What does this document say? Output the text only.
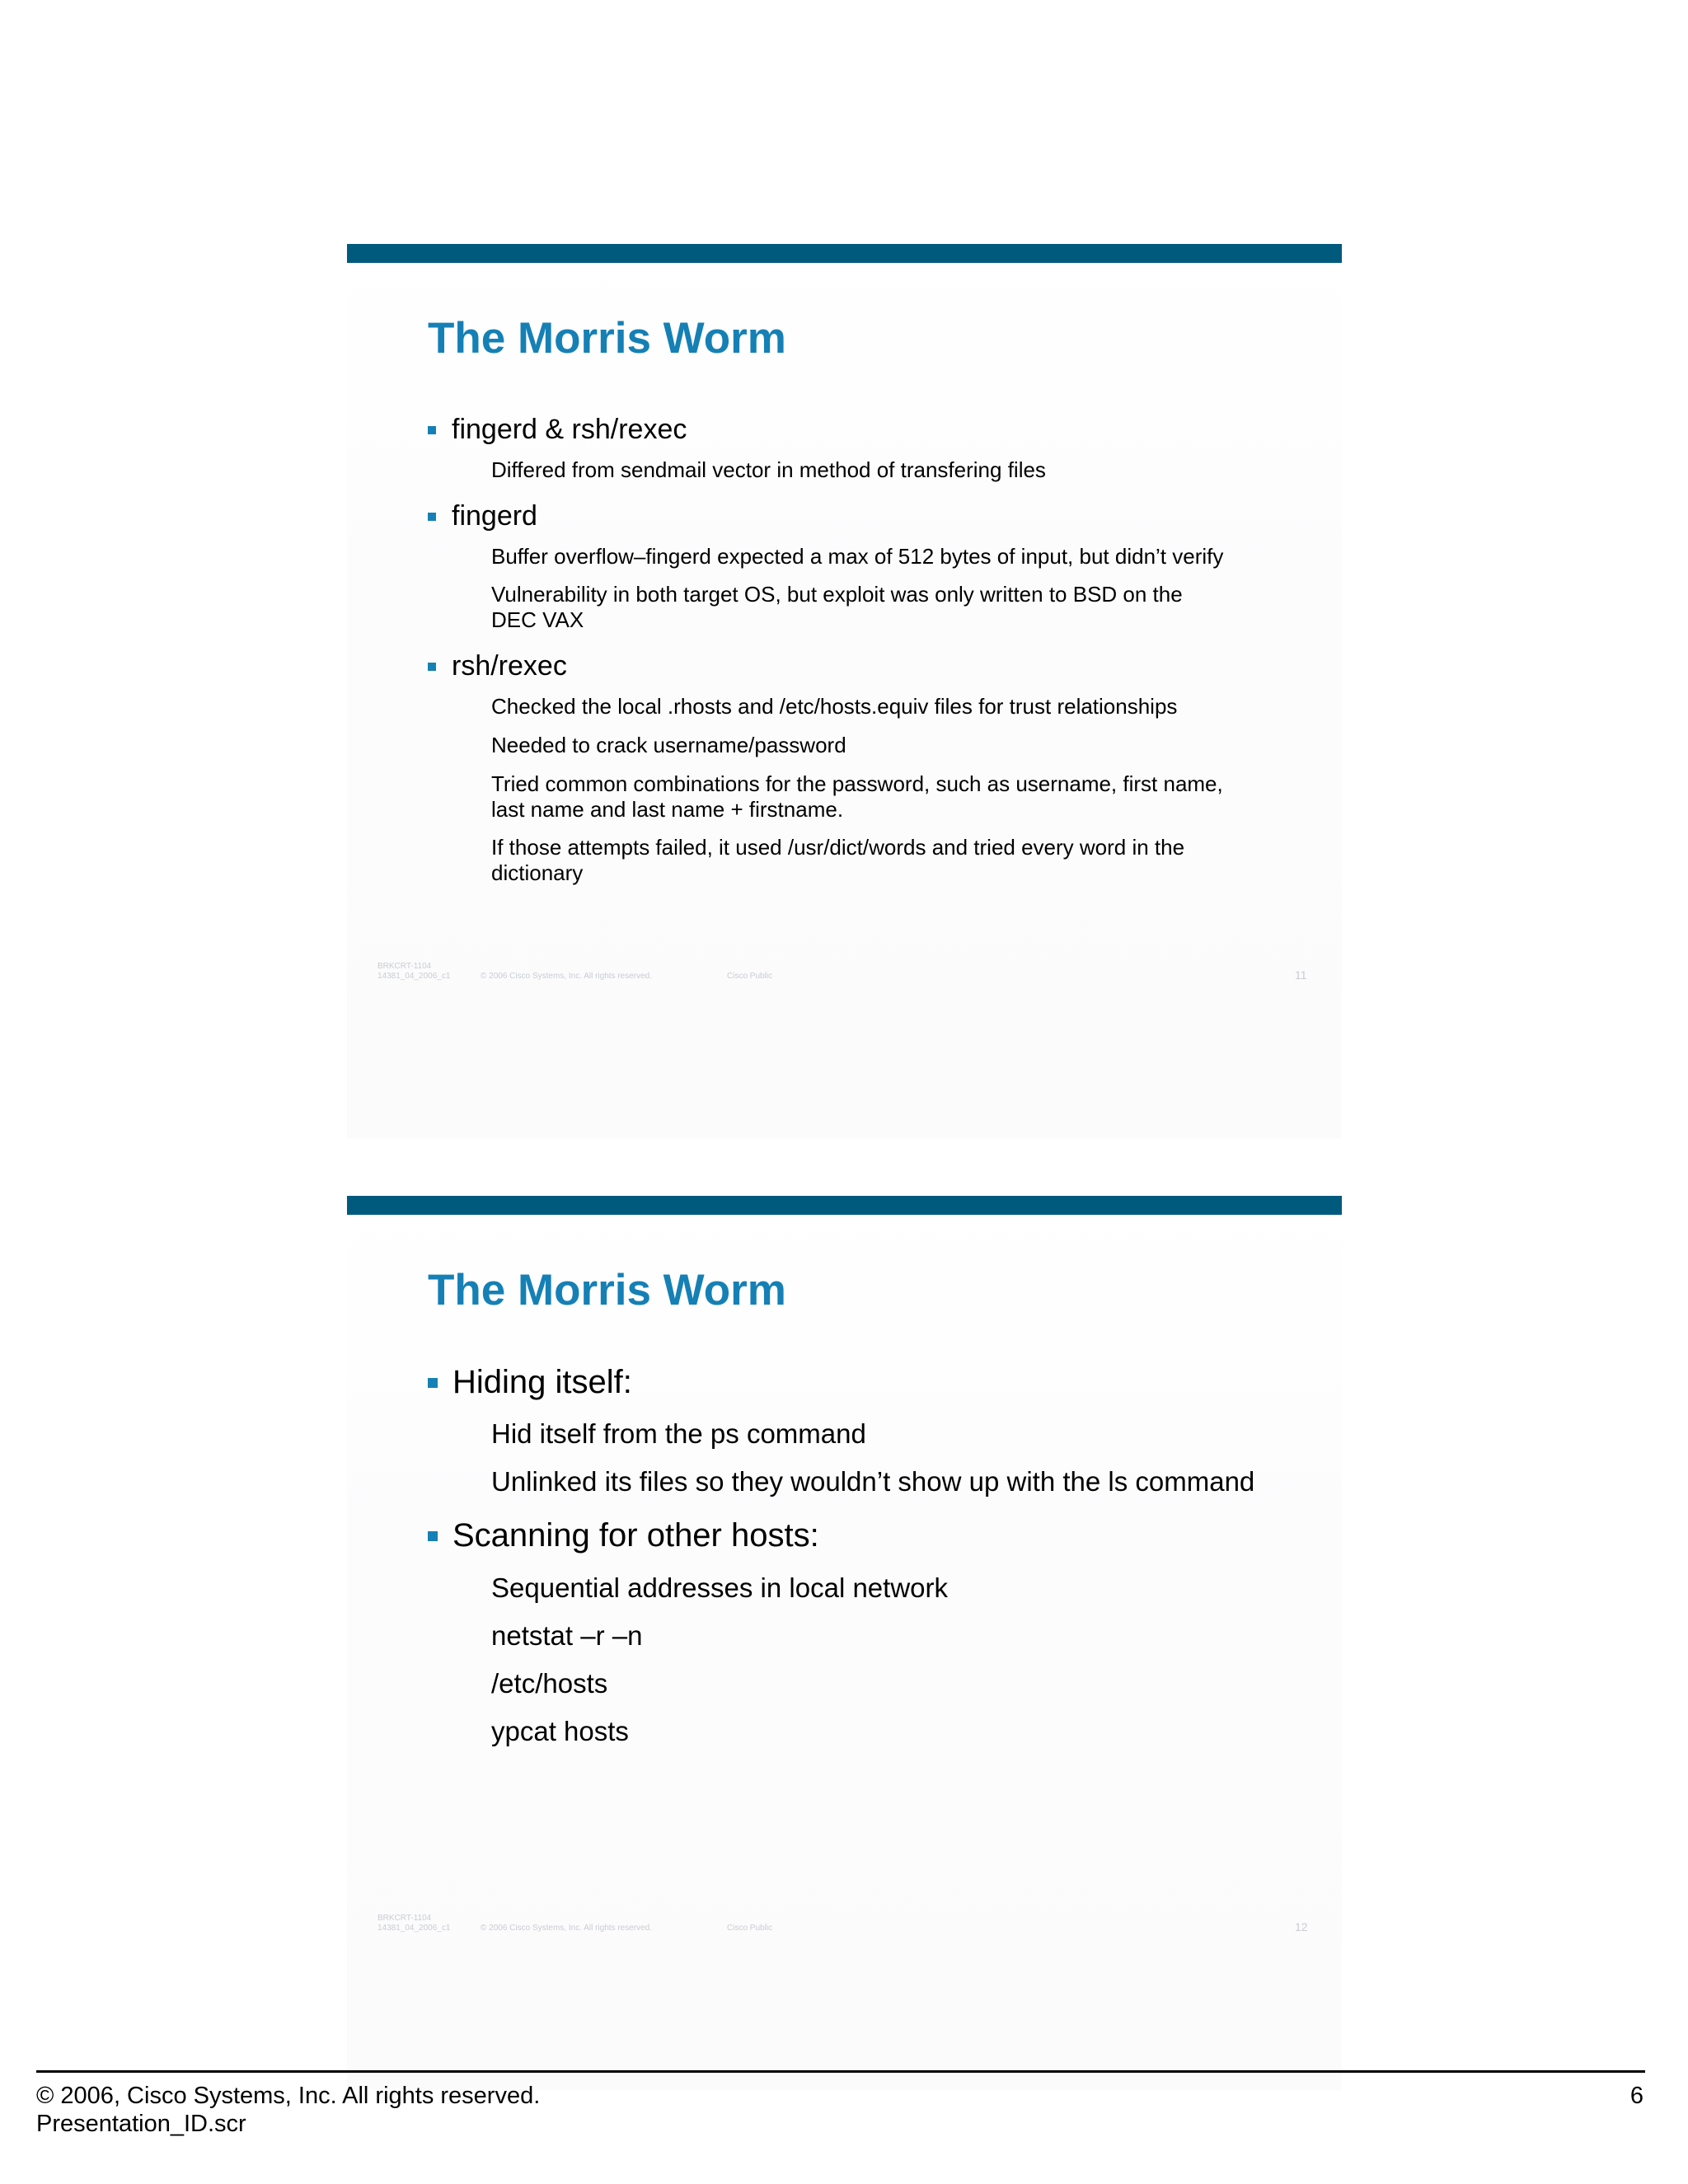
The Morris Worm
fingerd & rsh/rexec
Differed from sendmail vector in method of transfering files
fingerd
Buffer overflow–fingerd expected a max of 512 bytes of input, but didn’t verify
Vulnerability in both target OS, but exploit was only written to BSD on the
DEC VAX
rsh/rexec
Checked the local .rhosts and /etc/hosts.equiv files for trust relationships
Needed to crack username/password
Tried common combinations for the password, such as username, first name,
last name and last name + firstname.
If those attempts failed, it used /usr/dict/words and tried every word in the
dictionary
BRKCRT-1104
14381_04_2006_c1	© 2006 Cisco Systems, Inc. All rights reserved.	Cisco Public	11
The Morris Worm
Hiding itself:
Hid itself from the ps command
Unlinked its files so they wouldn’t show up with the ls command
Scanning for other hosts:
Sequential addresses in local network
netstat –r –n
/etc/hosts
ypcat hosts
BRKCRT-1104
14381_04_2006_c1	© 2006 Cisco Systems, Inc. All rights reserved.	Cisco Public	12
© 2006, Cisco Systems, Inc. All rights reserved.
Presentation_ID.scr
6
